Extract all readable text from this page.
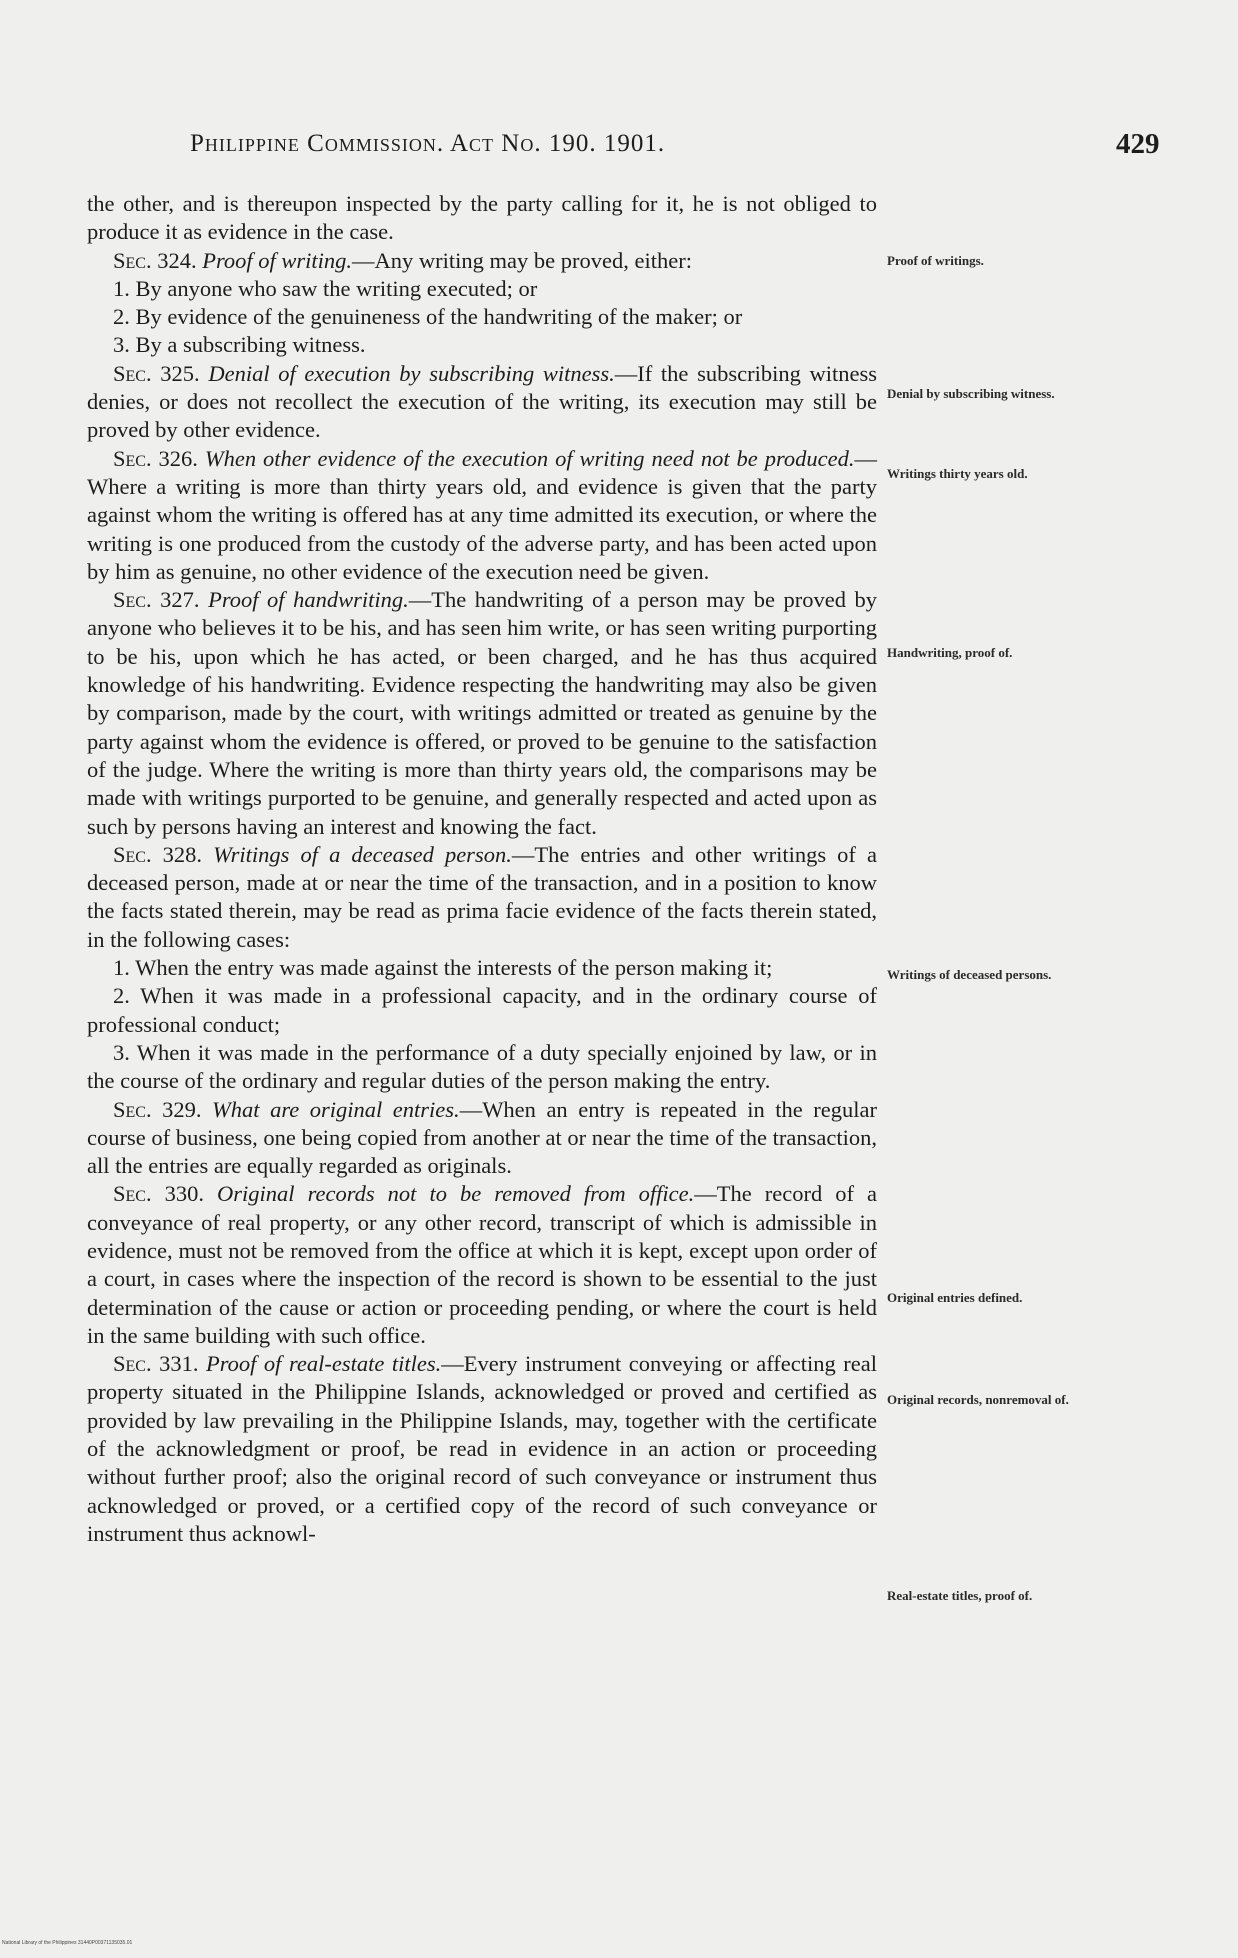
Philippine Commission. Act No. 190. 1901.	429

the other, and is thereupon inspected by the party calling for it, he is not obliged to produce it as evidence in the case.

Sec. 324. Proof of writing.—Any writing may be proved, either:

1. By anyone who saw the writing executed; or

2. By evidence of the genuineness of the handwriting of the maker; or

3. By a subscribing witness.

Sec. 325. Denial of execution by subscribing witness.—If the subscribing witness denies, or does not recollect the execution of the writing, its execution may still be proved by other evidence.

Sec. 326. When other evidence of the execution of writing need not be produced.—Where a writing is more than thirty years old, and evidence is given that the party against whom the writing is offered has at any time admitted its execution, or where the writing is one produced from the custody of the adverse party, and has been acted upon by him as genuine, no other evidence of the execution need be given.

Sec. 327. Proof of handwriting.—The handwriting of a person may be proved by anyone who believes it to be his, and has seen him write, or has seen writing purporting to be his, upon which he has acted, or been charged, and he has thus acquired knowledge of his handwriting. Evidence respecting the handwriting may also be given by comparison, made by the court, with writings admitted or treated as genuine by the party against whom the evidence is offered, or proved to be genuine to the satisfaction of the judge. Where the writing is more than thirty years old, the comparisons may be made with writings purported to be genuine, and generally respected and acted upon as such by persons having an interest and knowing the fact.

Sec. 328. Writings of a deceased person.—The entries and other writings of a deceased person, made at or near the time of the transaction, and in a position to know the facts stated therein, may be read as prima facie evidence of the facts therein stated, in the following cases:

1. When the entry was made against the interests of the person making it;

2. When it was made in a professional capacity, and in the ordinary course of professional conduct;

3. When it was made in the performance of a duty specially enjoined by law, or in the course of the ordinary and regular duties of the person making the entry.

Sec. 329. What are original entries.—When an entry is repeated in the regular course of business, one being copied from another at or near the time of the transaction, all the entries are equally regarded as originals.

Sec. 330. Original records not to be removed from office.—The record of a conveyance of real property, or any other record, transcript of which is admissible in evidence, must not be removed from the office at which it is kept, except upon order of a court, in cases where the inspection of the record is shown to be essential to the just determination of the cause or action or proceeding pending, or where the court is held in the same building with such office.

Sec. 331. Proof of real-estate titles.—Every instrument conveying or affecting real property situated in the Philippine Islands, acknowledged or proved and certified as provided by law prevailing in the Philippine Islands, may, together with the certificate of the acknowledgment or proof, be read in evidence in an action or proceeding without further proof; also the original record of such conveyance or instrument thus acknowledged or proved, or a certified copy of the record of such conveyance or instrument thus acknowl-

Proof of writings.
Denial by subscribing witness.
Writings thirty years old.
Handwriting, proof of.
Writings of deceased persons.
Original entries defined.
Original records, nonremoval of.
Real-estate titles, proof of.
National Library of the Philippines 31440P00371135035.01
